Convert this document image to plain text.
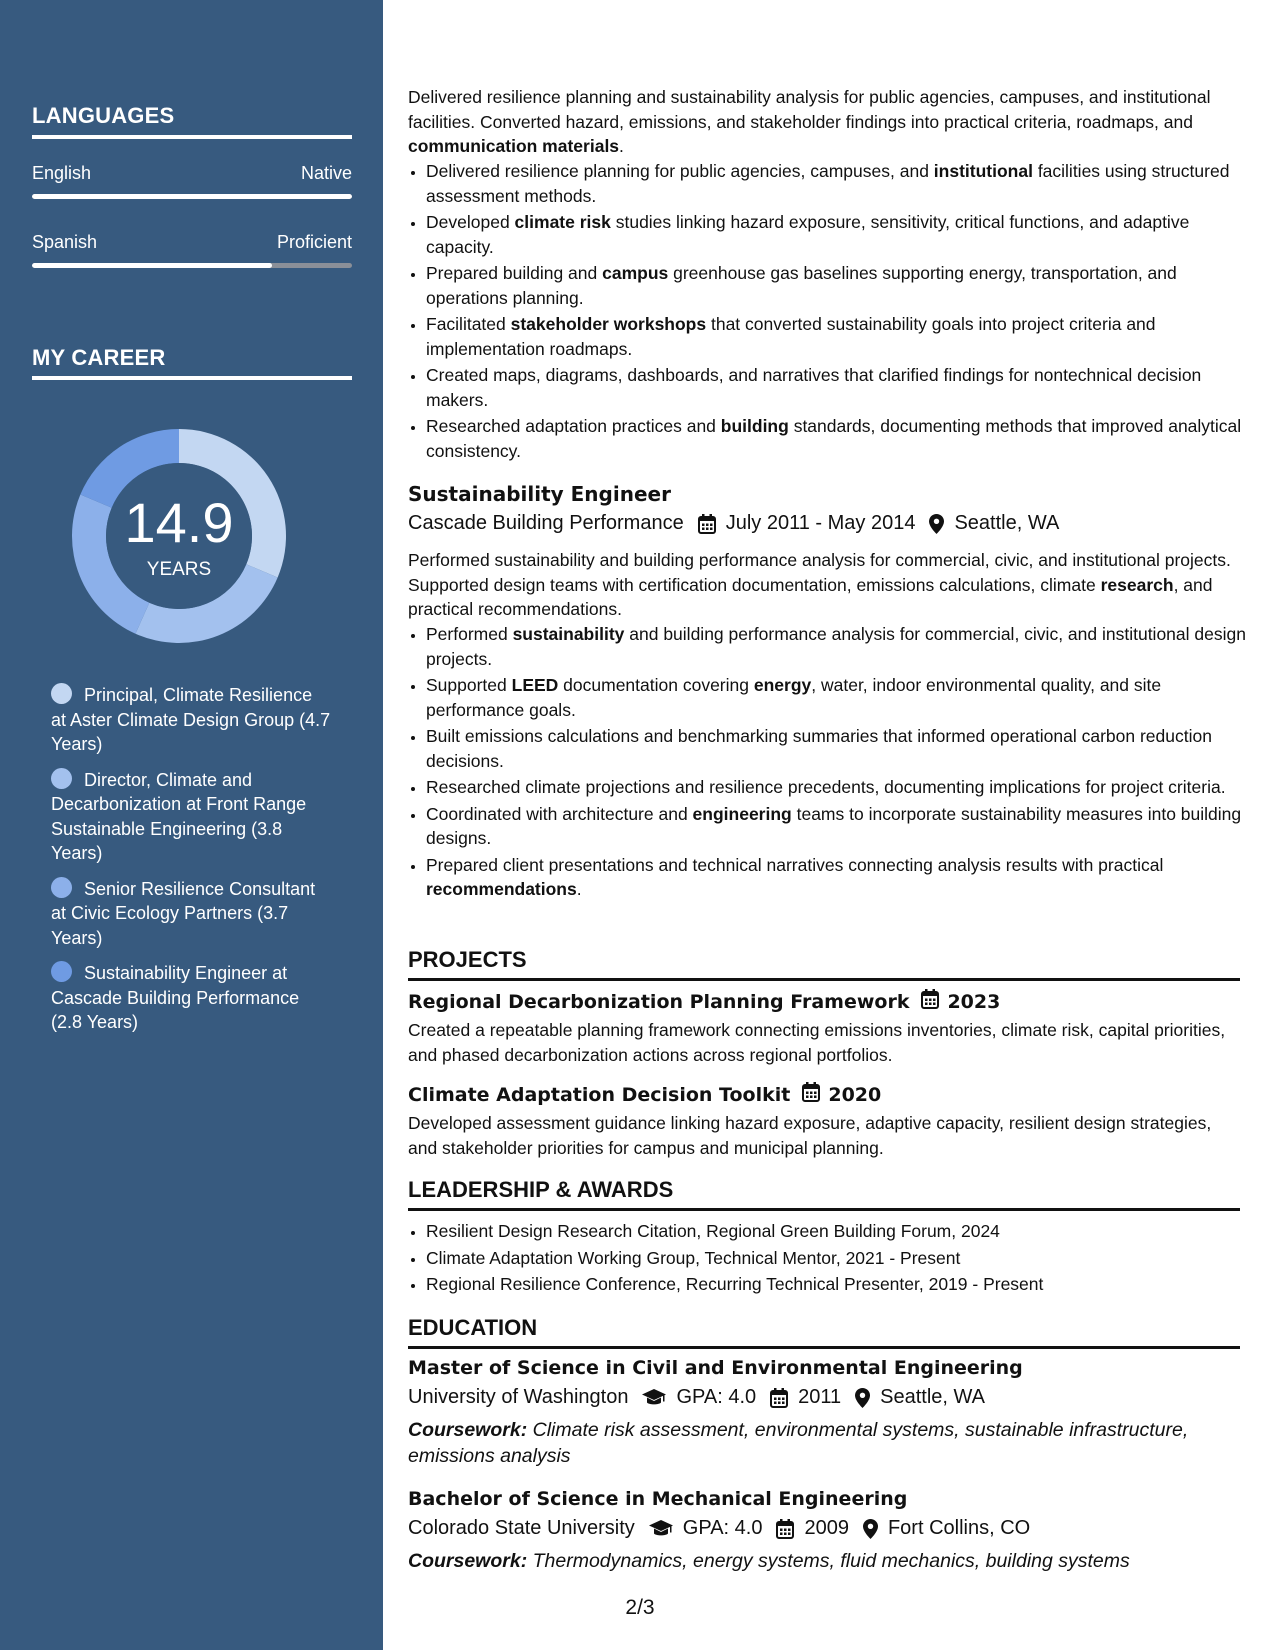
LANGUAGES
English	Native
Spanish	Proficient
MY CAREER
14.9
YEARS
Principal, Climate Resilience at Aster Climate Design Group (4.7 Years)
Director, Climate and Decarbonization at Front Range Sustainable Engineering (3.8 Years)
Senior Resilience Consultant at Civic Ecology Partners (3.7 Years)
Sustainability Engineer at Cascade Building Performance (2.8 Years)
Delivered resilience planning and sustainability analysis for public agencies, campuses, and institutional facilities. Converted hazard, emissions, and stakeholder findings into practical criteria, roadmaps, and communication materials.
• Delivered resilience planning for public agencies, campuses, and institutional facilities using structured assessment methods.
• Developed climate risk studies linking hazard exposure, sensitivity, critical functions, and adaptive capacity.
• Prepared building and campus greenhouse gas baselines supporting energy, transportation, and operations planning.
• Facilitated stakeholder workshops that converted sustainability goals into project criteria and implementation roadmaps.
• Created maps, diagrams, dashboards, and narratives that clarified findings for nontechnical decision makers.
• Researched adaptation practices and building standards, documenting methods that improved analytical consistency.
Sustainability Engineer
Cascade Building Performance July 2011 - May 2014 Seattle, WA
Performed sustainability and building performance analysis for commercial, civic, and institutional projects. Supported design teams with certification documentation, emissions calculations, climate research, and practical recommendations.
• Performed sustainability and building performance analysis for commercial, civic, and institutional design projects.
• Supported LEED documentation covering energy, water, indoor environmental quality, and site performance goals.
• Built emissions calculations and benchmarking summaries that informed operational carbon reduction decisions.
• Researched climate projections and resilience precedents, documenting implications for project criteria.
• Coordinated with architecture and engineering teams to incorporate sustainability measures into building designs.
• Prepared client presentations and technical narratives connecting analysis results with practical recommendations.
PROJECTS
Regional Decarbonization Planning Framework 2023
Created a repeatable planning framework connecting emissions inventories, climate risk, capital priorities, and phased decarbonization actions across regional portfolios.
Climate Adaptation Decision Toolkit 2020
Developed assessment guidance linking hazard exposure, adaptive capacity, resilient design strategies, and stakeholder priorities for campus and municipal planning.
LEADERSHIP & AWARDS
• Resilient Design Research Citation, Regional Green Building Forum, 2024
• Climate Adaptation Working Group, Technical Mentor, 2021 - Present
• Regional Resilience Conference, Recurring Technical Presenter, 2019 - Present
EDUCATION
Master of Science in Civil and Environmental Engineering
University of Washington GPA: 4.0 2011 Seattle, WA
Coursework: Climate risk assessment, environmental systems, sustainable infrastructure, emissions analysis
Bachelor of Science in Mechanical Engineering
Colorado State University GPA: 4.0 2009 Fort Collins, CO
Coursework: Thermodynamics, energy systems, fluid mechanics, building systems
2/3
